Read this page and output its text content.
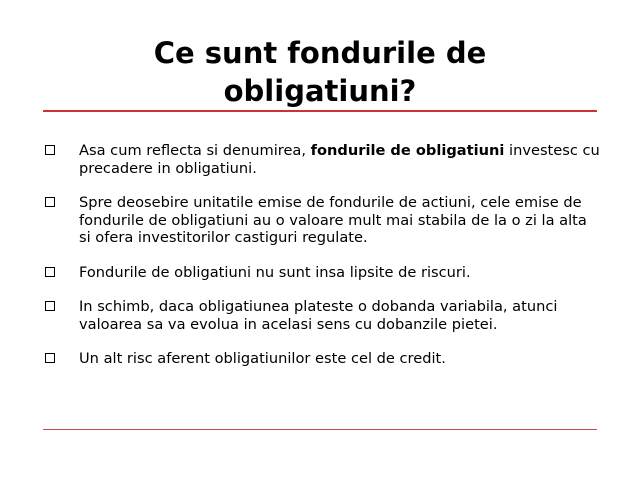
Ce sunt fondurile de
obligatiuni?
Asa cum reflecta si denumirea, fondurile de obligatiuni investesc cu precadere in obligatiuni.
Spre deosebire unitatile emise de fondurile de actiuni, cele emise de fondurile de obligatiuni au o valoare mult mai stabila de la o zi la alta si ofera investitorilor castiguri regulate.
Fondurile de obligatiuni nu sunt insa lipsite de riscuri.
In schimb, daca obligatiunea plateste o dobanda variabila, atunci valoarea sa va evolua in acelasi sens cu dobanzile pietei.
Un alt risc aferent obligatiunilor este cel de credit.
